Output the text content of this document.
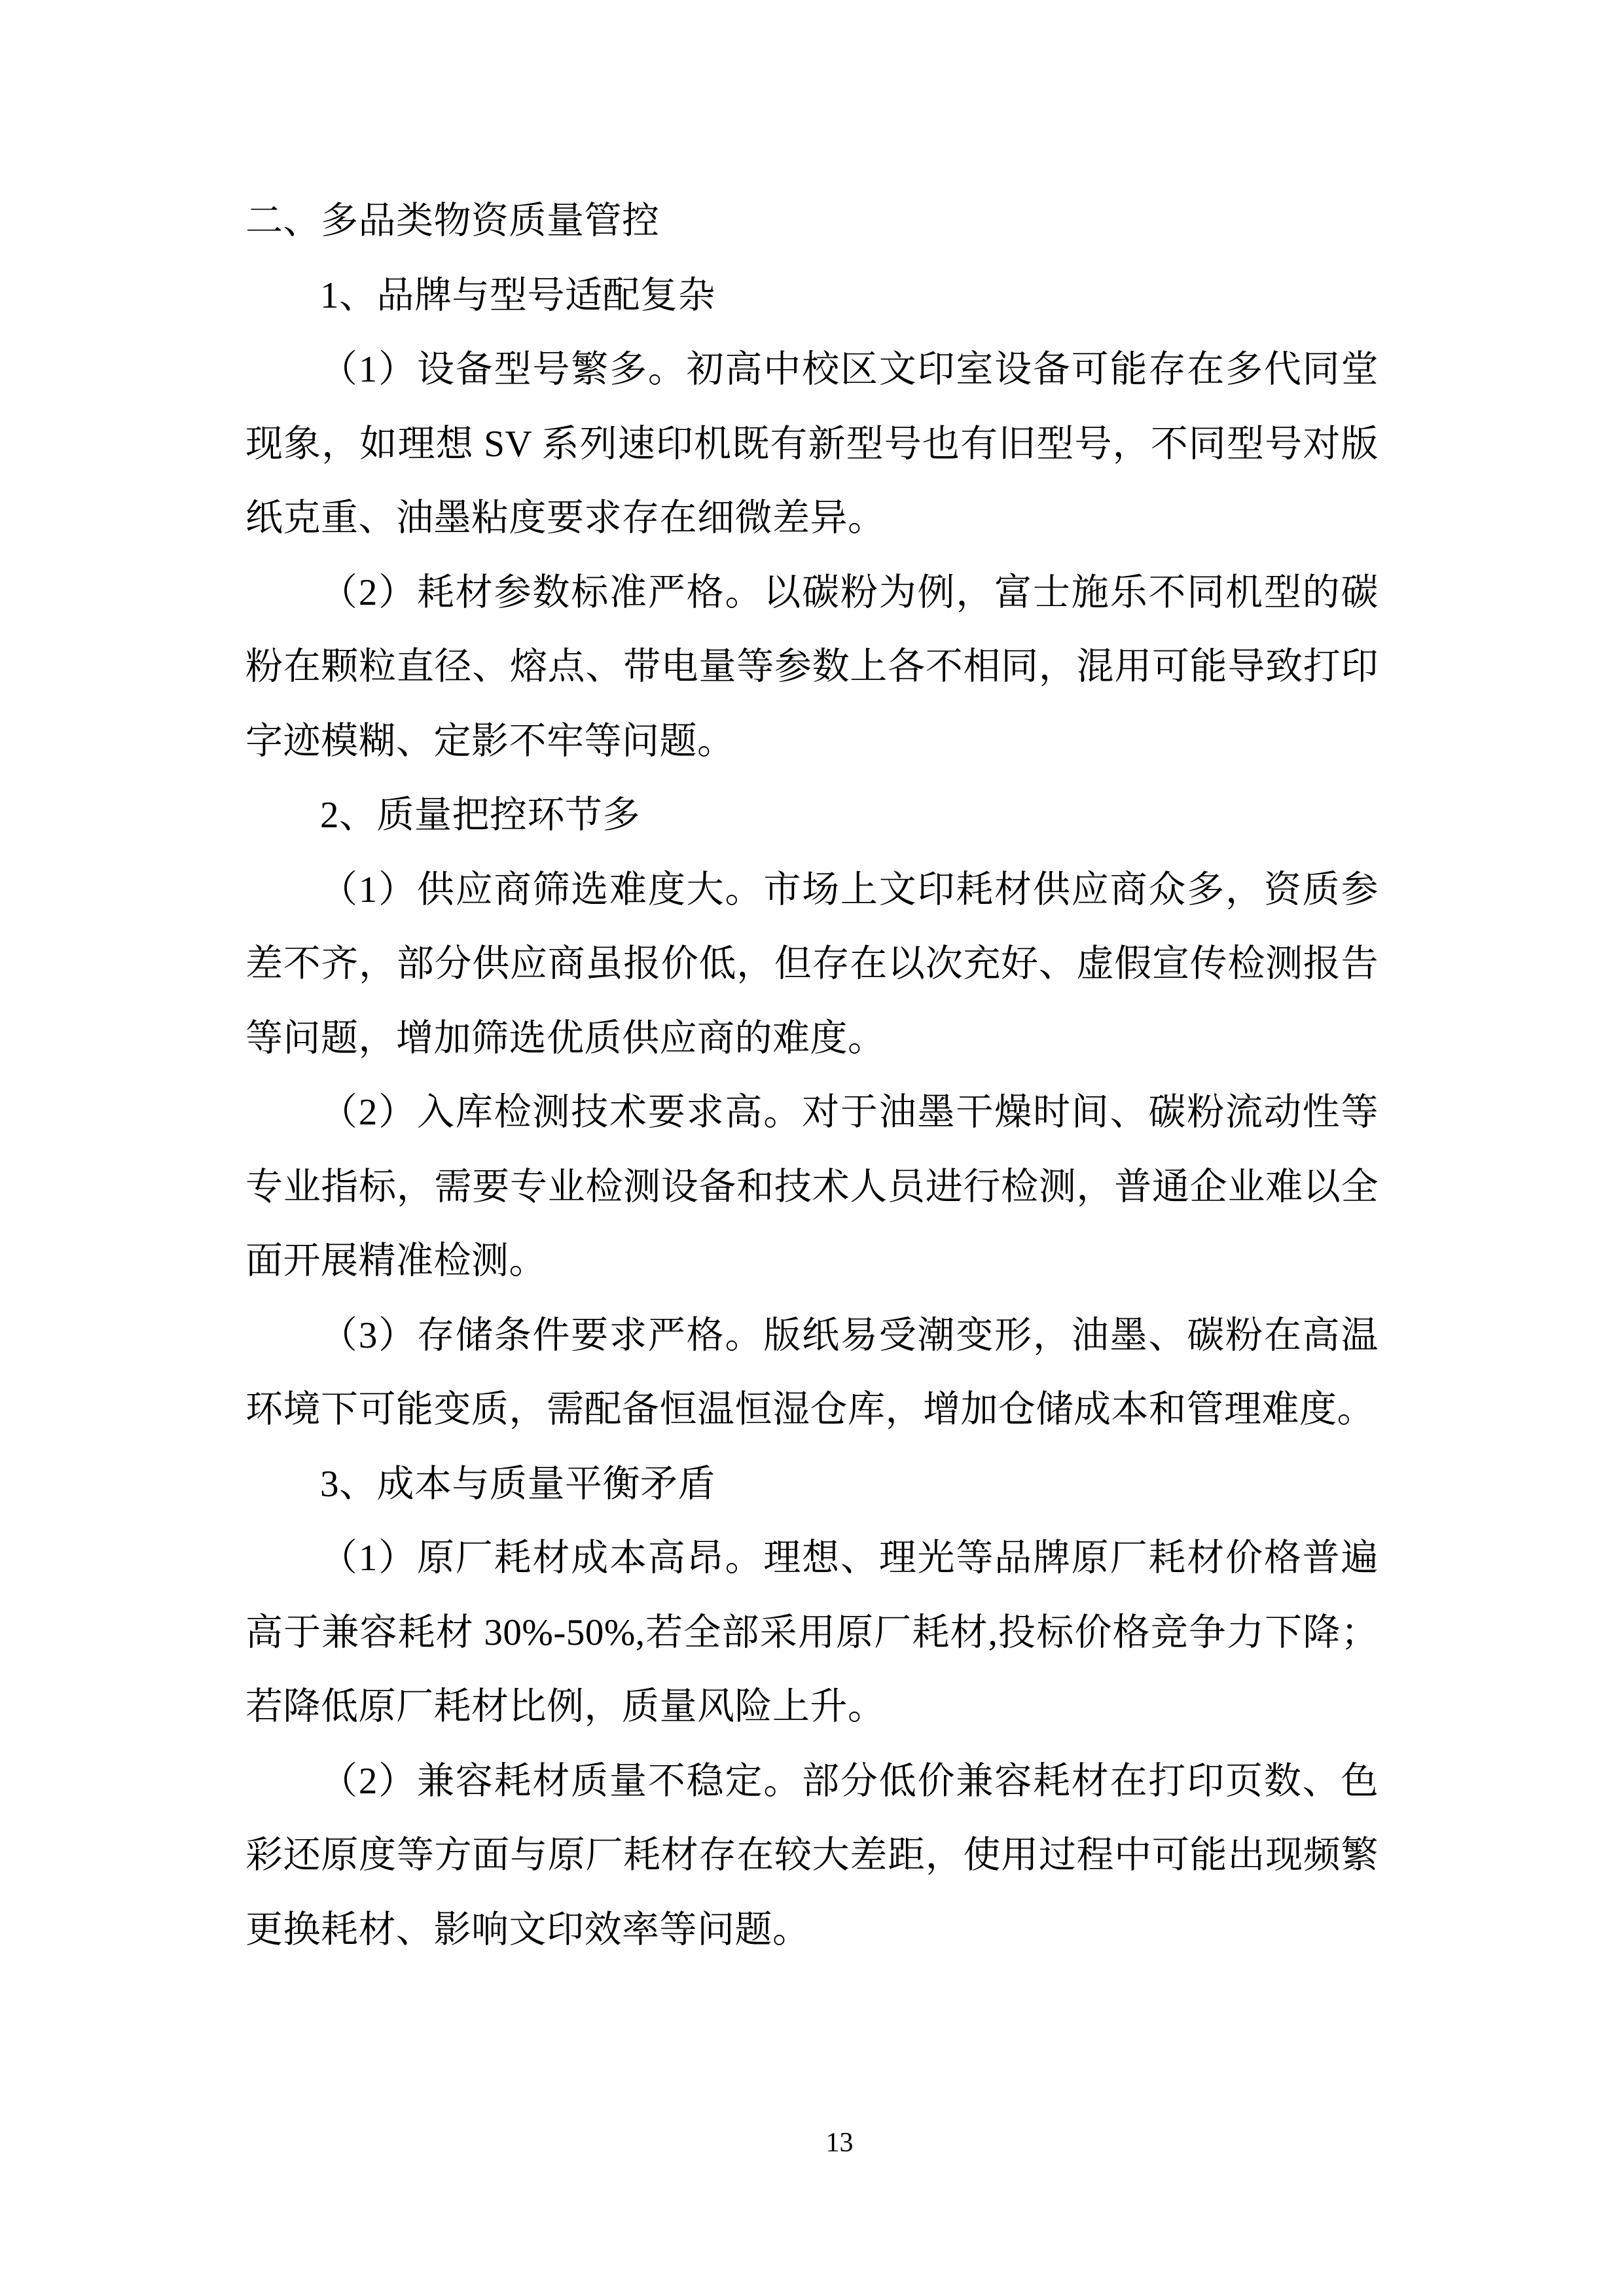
二、多品类物资质量管控

1、品牌与型号适配复杂

（1）设备型号繁多。初高中校区文印室设备可能存在多代同堂现象，如理想 SV 系列速印机既有新型号也有旧型号，不同型号对版纸克重、油墨粘度要求存在细微差异。

（2）耗材参数标准严格。以碳粉为例，富士施乐不同机型的碳粉在颗粒直径、熔点、带电量等参数上各不相同，混用可能导致打印字迹模糊、定影不牢等问题。

2、质量把控环节多

（1）供应商筛选难度大。市场上文印耗材供应商众多，资质参差不齐，部分供应商虽报价低，但存在以次充好、虚假宣传检测报告等问题，增加筛选优质供应商的难度。

（2）入库检测技术要求高。对于油墨干燥时间、碳粉流动性等专业指标，需要专业检测设备和技术人员进行检测，普通企业难以全面开展精准检测。

（3）存储条件要求严格。版纸易受潮变形，油墨、碳粉在高温环境下可能变质，需配备恒温恒湿仓库，增加仓储成本和管理难度。

3、成本与质量平衡矛盾

（1）原厂耗材成本高昂。理想、理光等品牌原厂耗材价格普遍高于兼容耗材 30%-50%,若全部采用原厂耗材,投标价格竞争力下降；若降低原厂耗材比例，质量风险上升。

（2）兼容耗材质量不稳定。部分低价兼容耗材在打印页数、色彩还原度等方面与原厂耗材存在较大差距，使用过程中可能出现频繁更换耗材、影响文印效率等问题。

13
